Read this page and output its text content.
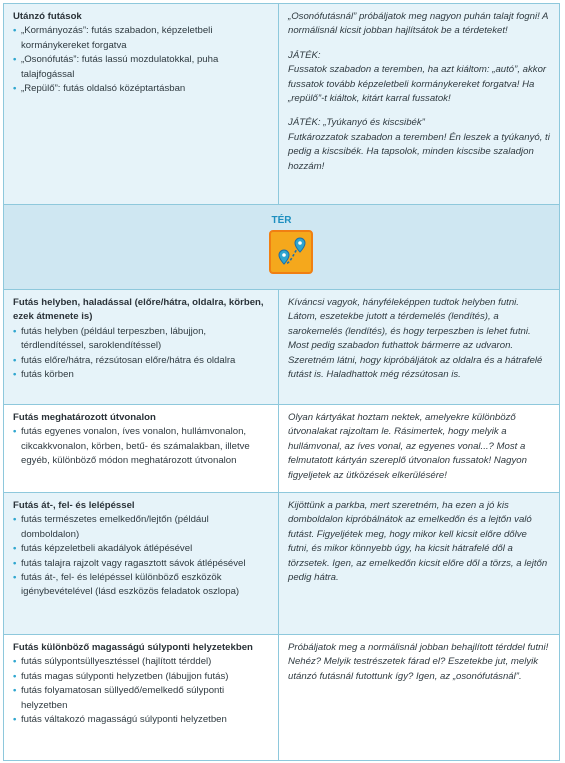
Utánzó futások
• „Kormányozás”: futás szabadon, képzeletbeli kormánykereket forgatva
• „Osonófutás”: futás lassú mozdulatokkal, puha talajfogással
• „Repülő”: futás oldalsó középtartásban
„Osonófutásnál” próbáljatok meg nagyon puhán talajt fogni! A normálisnál kicsit jobban hajlítsátok be a térdeteket!
JÁTÉK:
Fussatok szabadon a teremben, ha azt kiáltom: „autó”, akkor fussatok tovább képzeletbeli kormánykereket forgatva! Ha „repülő”-t kiáltok, kitárt karral fussatok!
JÁTÉK: „Tyúkanyó és kiscsibék”
Futkározzatok szabadon a teremben! Én leszek a tyúkanyó, ti pedig a kiscsibék. Ha tapsolok, minden kiscsibe szaladjon hozzám!
TÉR
Futás helyben, haladással (előre/hátra, oldalra, körben, ezek átmenete is)
• futás helyben (például terpeszben, lábujjon, térdlendítéssel, saroklendítéssel)
• futás előre/hátra, rézsútosan előre/hátra és oldalra
• futás körben
Kíváncsi vagyok, hányféleképpen tudtok helyben futni. Látom, eszetekbe jutott a térdemelés (lendítés), a sarokemelés (lendítés), és hogy terpeszben is lehet futni. Most pedig szabadon futhattok bármerre az udvaron. Szeretném látni, hogy kipróbáljátok az oldalra és a hátrafelé futást is. Haladhattok még rézsútosan is.
Futás meghatározott útvonalon
• futás egyenes vonalon, íves vonalon, hullámvonalon, cikcakkvonalon, körben, betű- és számalakban, illetve egyéb, különböző módon meghatározott útvonalon
Olyan kártyákat hoztam nektek, amelyekre különböző útvonalakat rajzoltam le. Rásimertek, hogy melyik a hullámvonal, az íves vonal, az egyenes vonal...? Most a felmutatott kártyán szereplő útvonalon fussatok! Nagyon figyeljetek az ütközések elkerülésére!
Futás át-, fel- és lelépéssel
• futás természetes emelkedőn/lejtőn (például domboldalon)
• futás képzeletbeli akadályok átlépésével
• futás talajra rajzolt vagy ragasztott sávok átlépésével
• futás át-, fel- és lelépéssel különböző eszközök igénybevételével (lásd eszközös feladatok oszlopa)
Kijöttünk a parkba, mert szeretném, ha ezen a jó kis domboldalon kipróbálnátok az emelkedőn és a lejtőn való futást. Figyeljétek meg, hogy mikor kell kicsit előre dőlve futni, és mikor könnyebb úgy, ha kicsit hátrafelé dől a törzsetek. Igen, az emelkedőn kicsit előre dől a törzs, a lejtőn pedig hátra.
Futás különböző magasságú súlyponti helyzetekben
• futás súlypontsüllyesztéssel (hajlított térddel)
• futás magas súlyponti helyzetben (lábujjon futás)
• futás folyamatosan süllyedő/emelkedő súlyponti helyzetben
• futás váltakozó magasságú súlyponti helyzetben
Próbáljatok meg a normálisnál jobban behajlított térddel futni! Nehéz? Melyik testrészetek fárad el? Eszetekbe jut, melyik utánzó futásnál futottunk így? Igen, az „osonófutásnál”.
